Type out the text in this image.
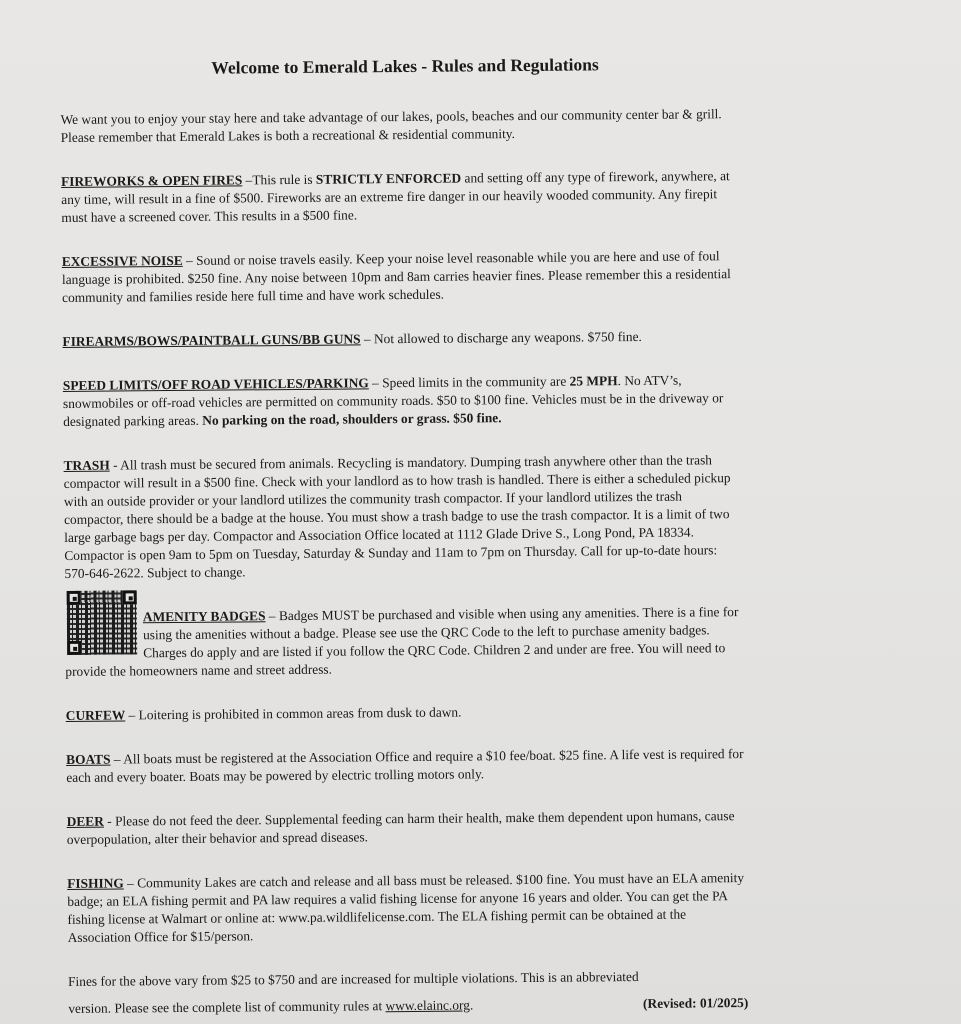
Welcome to Emerald Lakes - Rules and Regulations

We want you to enjoy your stay here and take advantage of our lakes, pools, beaches and our community center bar & grill. Please remember that Emerald Lakes is both a recreational & residential community.

FIREWORKS & OPEN FIRES –This rule is STRICTLY ENFORCED and setting off any type of firework, anywhere, at any time, will result in a fine of $500. Fireworks are an extreme fire danger in our heavily wooded community. Any firepit must have a screened cover. This results in a $500 fine.

EXCESSIVE NOISE – Sound or noise travels easily. Keep your noise level reasonable while you are here and use of foul language is prohibited. $250 fine. Any noise between 10pm and 8am carries heavier fines. Please remember this a residential community and families reside here full time and have work schedules.

FIREARMS/BOWS/PAINTBALL GUNS/BB GUNS – Not allowed to discharge any weapons. $750 fine.

SPEED LIMITS/OFF ROAD VEHICLES/PARKING – Speed limits in the community are 25 MPH. No ATV’s, snowmobiles or off-road vehicles are permitted on community roads. $50 to $100 fine. Vehicles must be in the driveway or designated parking areas. No parking on the road, shoulders or grass. $50 fine.

TRASH - All trash must be secured from animals. Recycling is mandatory. Dumping trash anywhere other than the trash compactor will result in a $500 fine. Check with your landlord as to how trash is handled. There is either a scheduled pickup with an outside provider or your landlord utilizes the community trash compactor. If your landlord utilizes the trash compactor, there should be a badge at the house. You must show a trash badge to use the trash compactor. It is a limit of two large garbage bags per day. Compactor and Association Office located at 1112 Glade Drive S., Long Pond, PA 18334. Compactor is open 9am to 5pm on Tuesday, Saturday & Sunday and 11am to 7pm on Thursday. Call for up-to-date hours: 570-646-2622. Subject to change.

AMENITY BADGES – Badges MUST be purchased and visible when using any amenities. There is a fine for using the amenities without a badge. Please see use the QRC Code to the left to purchase amenity badges. Charges do apply and are listed if you follow the QRC Code. Children 2 and under are free. You will need to provide the homeowners name and street address.

CURFEW – Loitering is prohibited in common areas from dusk to dawn.

BOATS – All boats must be registered at the Association Office and require a $10 fee/boat. $25 fine. A life vest is required for each and every boater. Boats may be powered by electric trolling motors only.

DEER - Please do not feed the deer. Supplemental feeding can harm their health, make them dependent upon humans, cause overpopulation, alter their behavior and spread diseases.

FISHING – Community Lakes are catch and release and all bass must be released. $100 fine. You must have an ELA amenity badge; an ELA fishing permit and PA law requires a valid fishing license for anyone 16 years and older. You can get the PA fishing license at Walmart or online at: www.pa.wildlifelicense.com. The ELA fishing permit can be obtained at the Association Office for $15/person.

Fines for the above vary from $25 to $750 and are increased for multiple violations. This is an abbreviated

version. Please see the complete list of community rules at www.elainc.org.	(Revised: 01/2025)
